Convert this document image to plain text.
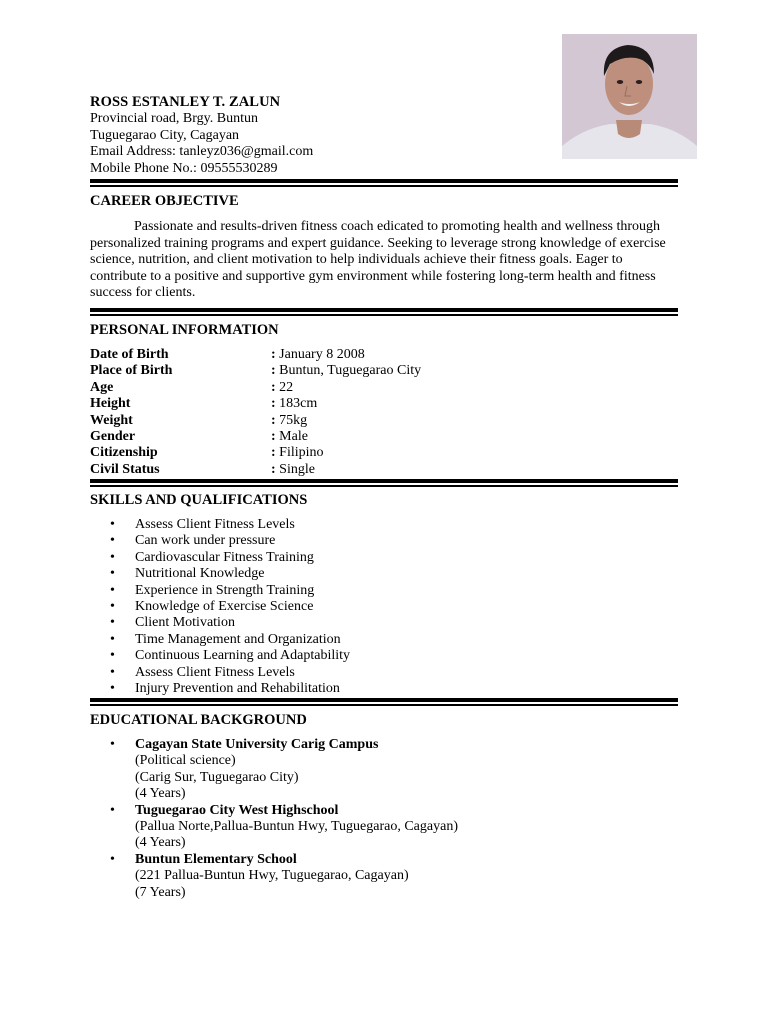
ROSS ESTANLEY T. ZALUN
Provincial road, Brgy. Buntun
Tuguegarao City, Cagayan
Email Address: tanleyz036@gmail.com
Mobile Phone No.: 09555530289
CAREER OBJECTIVE
Passionate and results-driven fitness coach edicated to promoting health and wellness through personalized training programs and expert guidance. Seeking to leverage strong knowledge of exercise science, nutrition, and client motivation to help individuals achieve their fitness goals. Eager to contribute to a positive and supportive gym environment while fostering long-term health and fitness success for clients.
PERSONAL INFORMATION
Date of Birth	: January 8 2008
Place of Birth	: Buntun, Tuguegarao City
Age	: 22
Height	: 183cm
Weight	: 75kg
Gender	: Male
Citizenship	: Filipino
Civil Status	: Single
SKILLS AND QUALIFICATIONS
•	Assess Client Fitness Levels
•	Can work under pressure
•	Cardiovascular Fitness Training
•	Nutritional Knowledge
•	Experience in Strength Training
•	Knowledge of Exercise Science
•	Client Motivation
•	Time Management and Organization
•	Continuous Learning and Adaptability
•	Assess Client Fitness Levels
•	Injury Prevention and Rehabilitation
EDUCATIONAL BACKGROUND
•	Cagayan State University Carig Campus
(Political science)
(Carig Sur, Tuguegarao City)
(4 Years)
•	Tuguegarao City West Highschool
(Pallua Norte,Pallua-Buntun Hwy, Tuguegarao, Cagayan)
(4 Years)
•	Buntun Elementary School
(221 Pallua-Buntun Hwy, Tuguegarao, Cagayan)
(7 Years)
